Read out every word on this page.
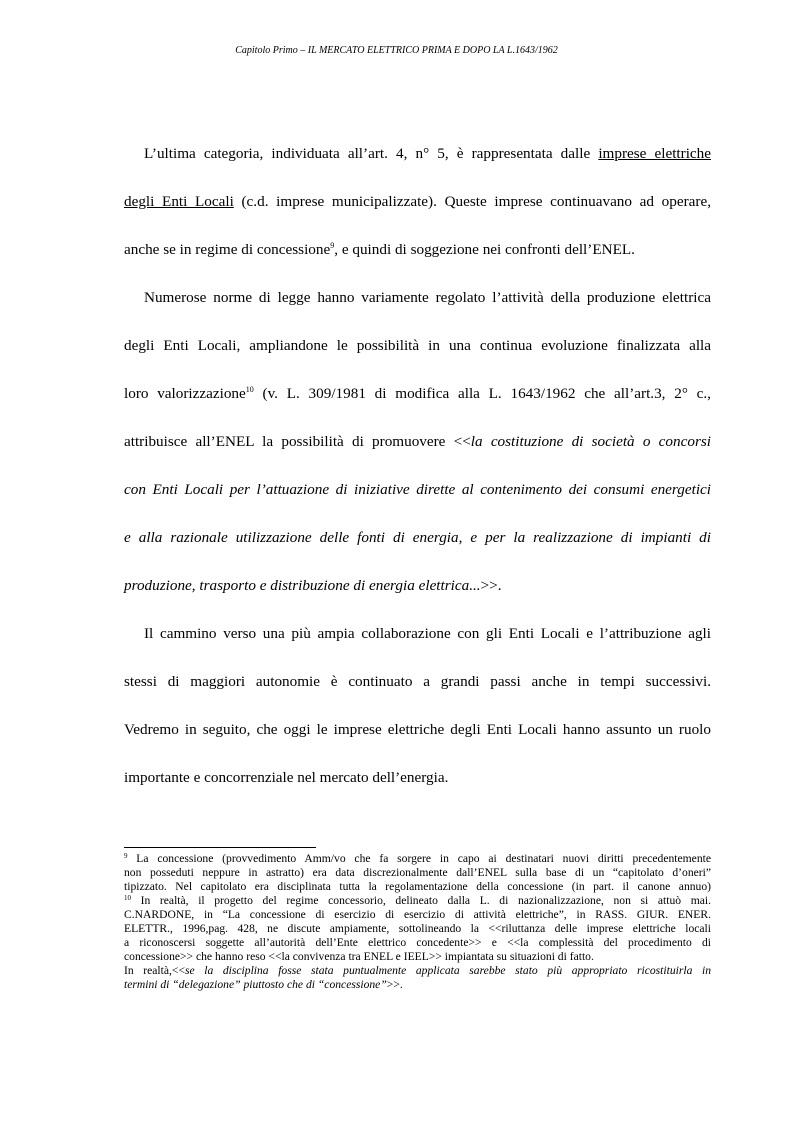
Capitolo Primo – IL MERCATO ELETTRICO PRIMA E DOPO LA L.1643/1962
L’ultima categoria, individuata all’art. 4, n° 5, è rappresentata dalle imprese elettriche
degli Enti Locali (c.d. imprese municipalizzate). Queste imprese continuavano ad operare,
anche se in regime di concessione$^9$, e quindi di soggezione nei confronti dell’ENEL.
Numerose norme di legge hanno variamente regolato l’attività della produzione elettrica
degli Enti Locali, ampliandone le possibilità in una continua evoluzione finalizzata alla
loro valorizzazione$^{10}$ (v. L. 309/1981 di modifica alla L. 1643/1962 che all’art.3, 2° c.,
attribuisce all’ENEL la possibilità di promuovere <<la costituzione di società o concorsi
con Enti Locali per l’attuazione di iniziative dirette al contenimento dei consumi energetici
e alla razionale utilizzazione delle fonti di energia, e per la realizzazione di impianti di
produzione, trasporto e distribuzione di energia elettrica...>>.
Il cammino verso una più ampia collaborazione con gli Enti Locali e l’attribuzione agli
stessi di maggiori autonomie è continuato a grandi passi anche in tempi successivi.
Vedremo in seguito, che oggi le imprese elettriche degli Enti Locali hanno assunto un ruolo
importante e concorrenziale nel mercato dell’energia.
$^9$ La concessione (provvedimento Amm/vo che fa sorgere in capo ai destinatari nuovi diritti precedentemente
non posseduti neppure in astratto) era data discrezionalmente dall’ENEL sulla base di un “capitolato d’oneri”
tipizzato. Nel capitolato era disciplinata tutta la regolamentazione della concessione (in part. il canone annuo)
$^{10}$ In realtà, il progetto del regime concessorio, delineato dalla L. di nazionalizzazione, non si attuò mai.
C.NARDONE, in “La concessione di esercizio di esercizio di attività elettriche”, in RASS. GIUR. ENER.
ELETTR., 1996,pag. 428, ne discute ampiamente, sottolineando la <<riluttanza delle imprese elettriche locali
a riconoscersi soggette all’autorità dell’Ente elettrico concedente>> e <<la complessità del procedimento di
concessione>> che hanno reso <<la convivenza tra ENEL e IEEL>> impiantata su situazioni di fatto.
In realtà,<<se la disciplina fosse stata puntualmente applicata sarebbe stato più appropriato ricostituirla in
termini di “delegazione” piuttosto che di “concessione”>>.
